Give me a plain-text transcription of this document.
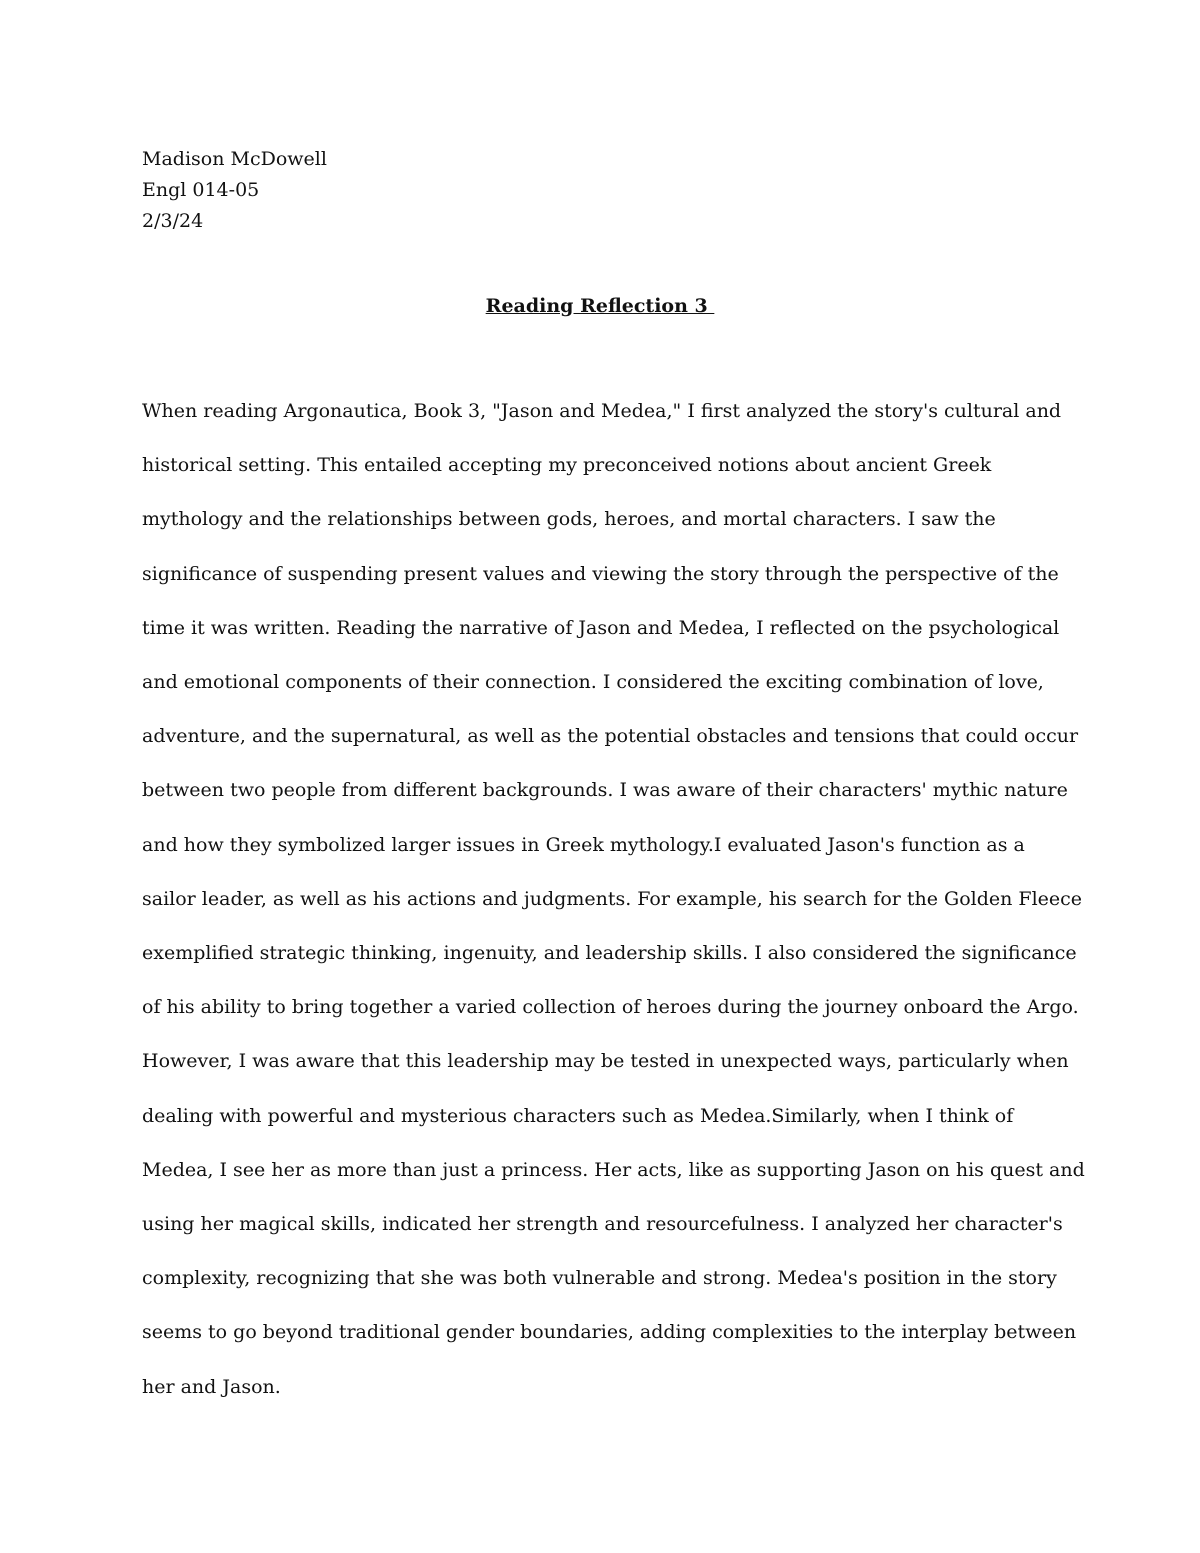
Madison McDowell
Engl 014-05
2/3/24
Reading Reflection 3
When reading Argonautica, Book 3, "Jason and Medea," I first analyzed the story's cultural and
historical setting. This entailed accepting my preconceived notions about ancient Greek
mythology and the relationships between gods, heroes, and mortal characters. I saw the
significance of suspending present values and viewing the story through the perspective of the
time it was written. Reading the narrative of Jason and Medea, I reflected on the psychological
and emotional components of their connection. I considered the exciting combination of love,
adventure, and the supernatural, as well as the potential obstacles and tensions that could occur
between two people from different backgrounds. I was aware of their characters' mythic nature
and how they symbolized larger issues in Greek mythology.I evaluated Jason's function as a
sailor leader, as well as his actions and judgments. For example, his search for the Golden Fleece
exemplified strategic thinking, ingenuity, and leadership skills. I also considered the significance
of his ability to bring together a varied collection of heroes during the journey onboard the Argo.
However, I was aware that this leadership may be tested in unexpected ways, particularly when
dealing with powerful and mysterious characters such as Medea.Similarly, when I think of
Medea, I see her as more than just a princess. Her acts, like as supporting Jason on his quest and
using her magical skills, indicated her strength and resourcefulness. I analyzed her character's
complexity, recognizing that she was both vulnerable and strong. Medea's position in the story
seems to go beyond traditional gender boundaries, adding complexities to the interplay between
her and Jason.
